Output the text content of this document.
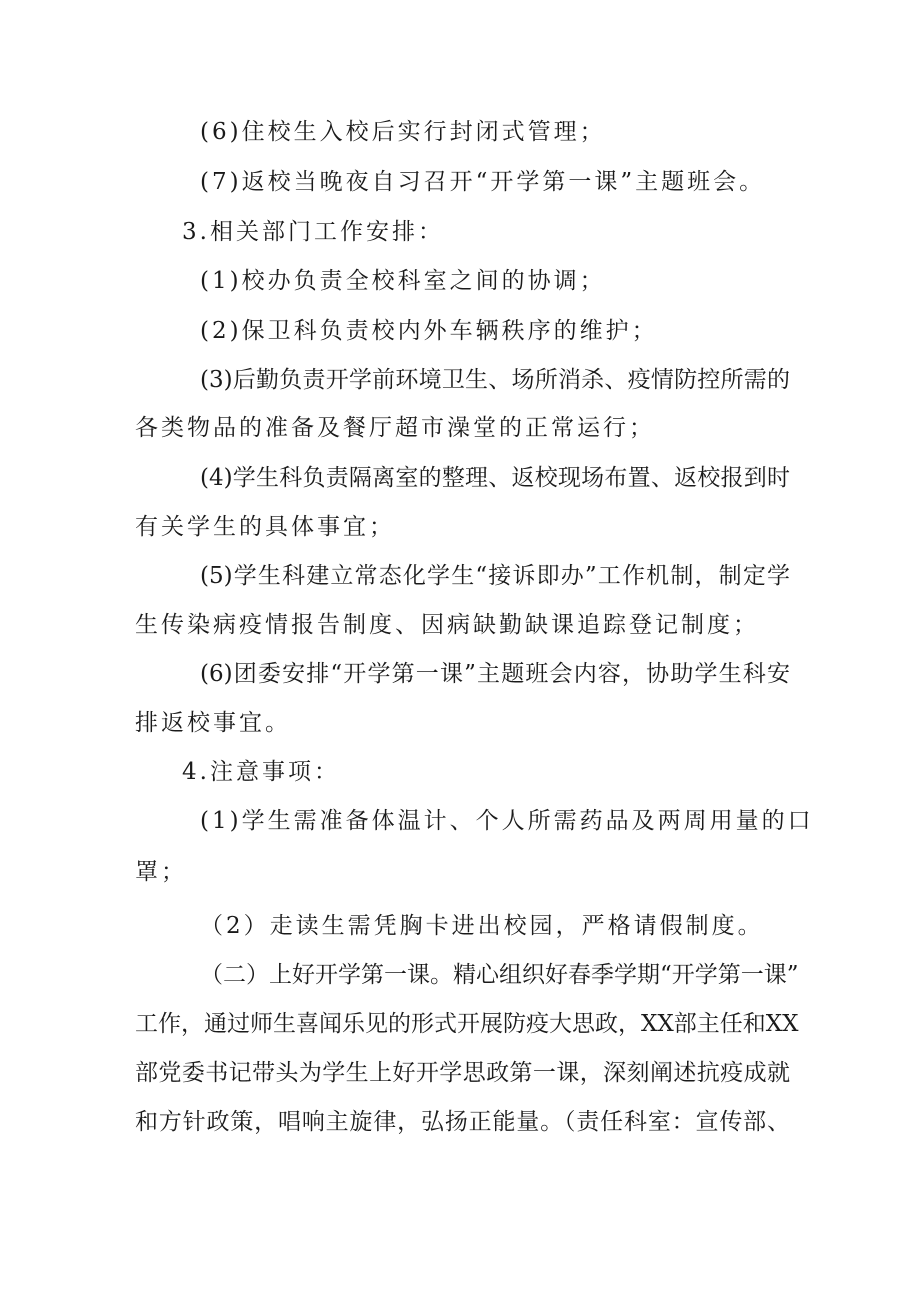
(6)住校生入校后实行封闭式管理；
(7)返校当晚夜自习召开“开学第一课”主题班会。
3.相关部门工作安排：
(1)校办负责全校科室之间的协调；
(2)保卫科负责校内外车辆秩序的维护；
(3)后勤负责开学前环境卫生、场所消杀、疫情防控所需的
各类物品的准备及餐厅超市澡堂的正常运行；
(4)学生科负责隔离室的整理、返校现场布置、返校报到时
有关学生的具体事宜；
(5)学生科建立常态化学生“接诉即办”工作机制，制定学
生传染病疫情报告制度、因病缺勤缺课追踪登记制度；
(6)团委安排“开学第一课”主题班会内容，协助学生科安
排返校事宜。
4.注意事项：
(1)学生需准备体温计、个人所需药品及两周用量的口
罩；
（2）走读生需凭胸卡进出校园，严格请假制度。
（二）上好开学第一课。精心组织好春季学期“开学第一课”
工作，通过师生喜闻乐见的形式开展防疫大思政，XX部主任和XX
部党委书记带头为学生上好开学思政第一课，深刻阐述抗疫成就
和方针政策，唱响主旋律，弘扬正能量。（责任科室：宣传部、
